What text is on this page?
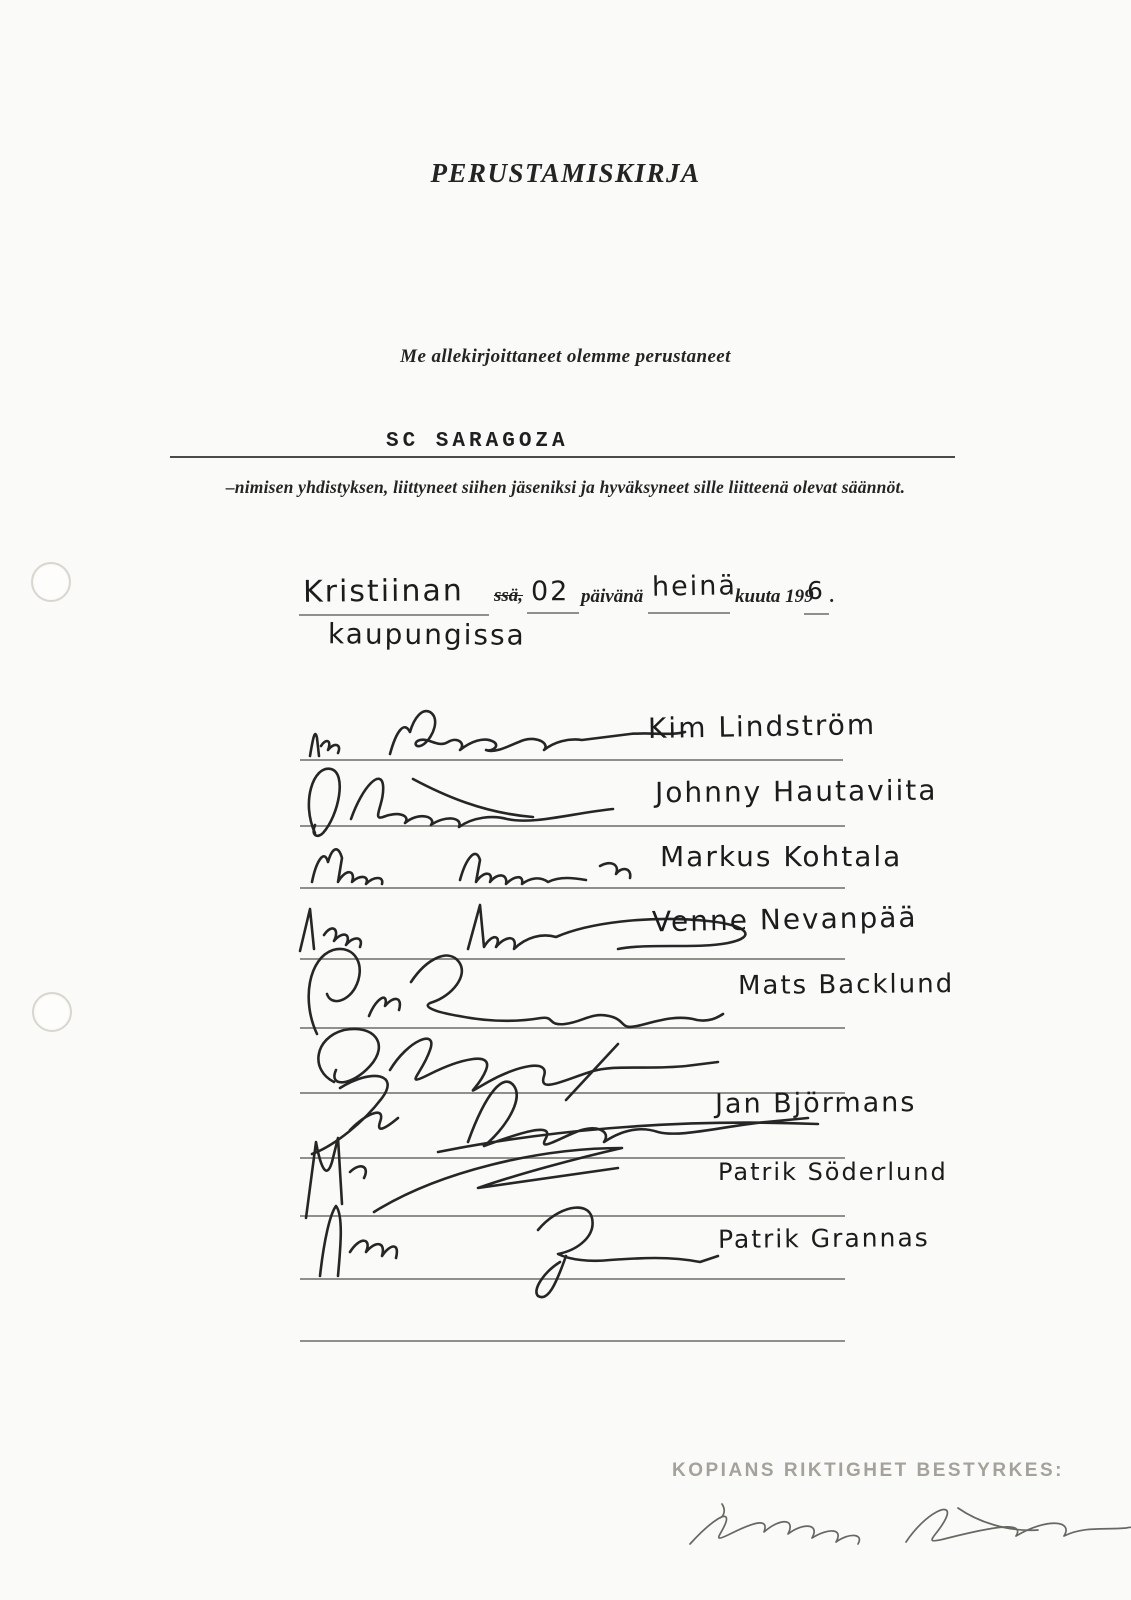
PERUSTAMISKIRJA
Me allekirjoittaneet olemme perustaneet
SC SARAGOZA
–nimisen yhdistyksen, liittyneet siihen jäseniksi ja hyväksyneet sille liitteenä olevat säännöt.
Kristiinan
kaupungissa
ssä, 02 päivänä heinä
kuuta 199
6 .
Kim Lindström
Johnny Hautaviita
Markus Kohtala
Venne Nevanpää
Mats Backlund
Jan Björmans
Patrik Söderlund
Patrik Grannas
KOPIANS RIKTIGHET BESTYRKES:
